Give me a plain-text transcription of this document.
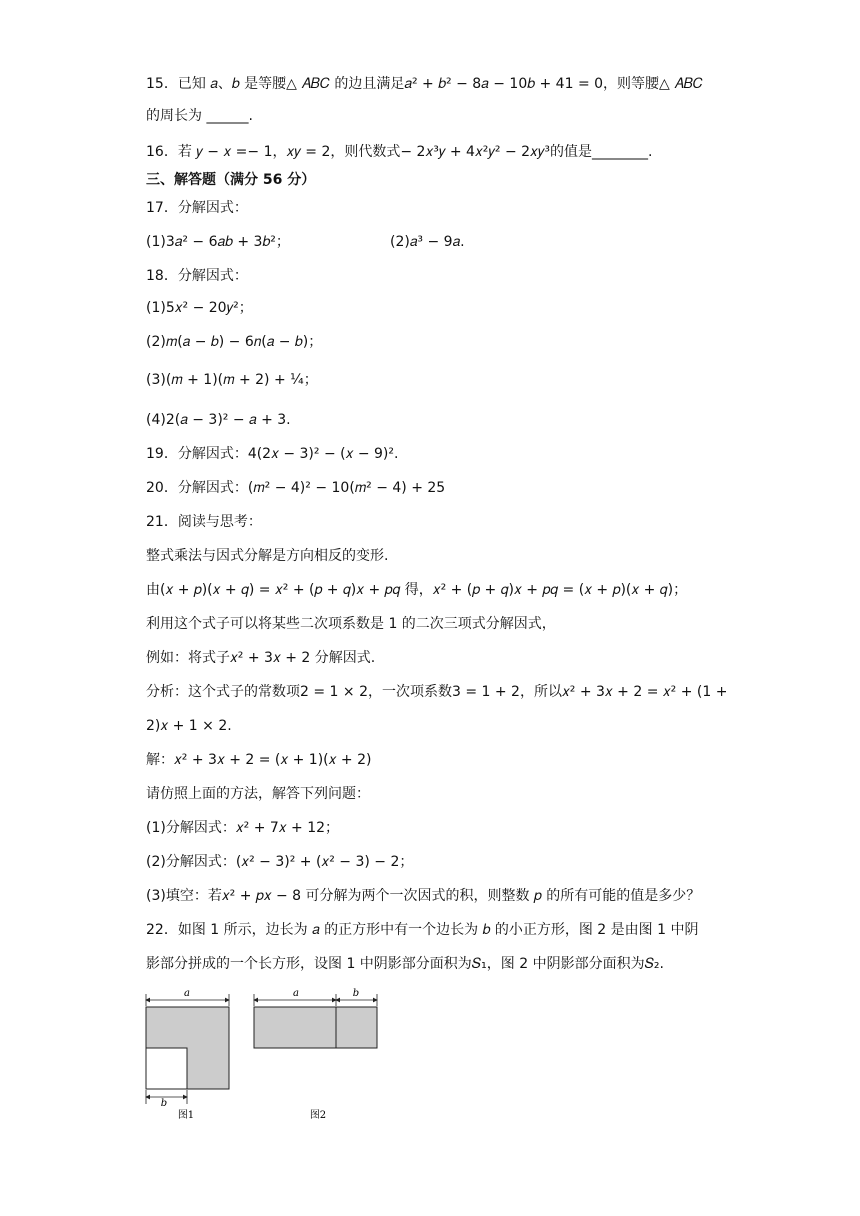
15．已知 𝑎、𝑏 是等腰△ 𝐴𝐵𝐶 的边且满足𝑎² + 𝑏² − 8𝑎 − 10𝑏 + 41 = 0，则等腰△ 𝐴𝐵𝐶
的周长为 ______.
16．若 𝑦 − 𝑥 =− 1，𝑥𝑦 = 2，则代数式− 2𝑥³𝑦 + 4𝑥²𝑦² − 2𝑥𝑦³的值是________.
三、解答题（满分 56 分）
17．分解因式：
(1)3𝑎² − 6𝑎𝑏 + 3𝑏²；	(2)𝑎³ − 9𝑎.
18．分解因式：
(1)5𝑥² − 20𝑦²；
(2)𝑚(𝑎 − 𝑏) − 6𝑛(𝑎 − 𝑏)；
(3)(𝑚 + 1)(𝑚 + 2) + ¼；
(4)2(𝑎 − 3)² − 𝑎 + 3.
19．分解因式：4(2𝑥 − 3)² − (𝑥 − 9)².
20．分解因式：(𝑚² − 4)² − 10(𝑚² − 4) + 25
21．阅读与思考：
整式乘法与因式分解是方向相反的变形.
由(𝑥 + 𝑝)(𝑥 + 𝑞) = 𝑥² + (𝑝 + 𝑞)𝑥 + 𝑝𝑞 得，𝑥² + (𝑝 + 𝑞)𝑥 + 𝑝𝑞 = (𝑥 + 𝑝)(𝑥 + 𝑞)；
利用这个式子可以将某些二次项系数是 1 的二次三项式分解因式，
例如：将式子𝑥² + 3𝑥 + 2 分解因式.
分析：这个式子的常数项2 = 1 × 2，一次项系数3 = 1 + 2，所以𝑥² + 3𝑥 + 2 = 𝑥² + (1 +
2)𝑥 + 1 × 2.
解：𝑥² + 3𝑥 + 2 = (𝑥 + 1)(𝑥 + 2)
请仿照上面的方法，解答下列问题：
(1)分解因式：𝑥² + 7𝑥 + 12；
(2)分解因式：(𝑥² − 3)² + (𝑥² − 3) − 2；
(3)填空：若𝑥² + 𝑝𝑥 − 8 可分解为两个一次因式的积，则整数 𝑝 的所有可能的值是多少？
22．如图 1 所示，边长为 𝑎 的正方形中有一个边长为 𝑏 的小正方形，图 2 是由图 1 中阴
影部分拼成的一个长方形，设图 1 中阴影部分面积为𝑆₁，图 2 中阴影部分面积为𝑆₂.
a
b
图1
a	b
图2
